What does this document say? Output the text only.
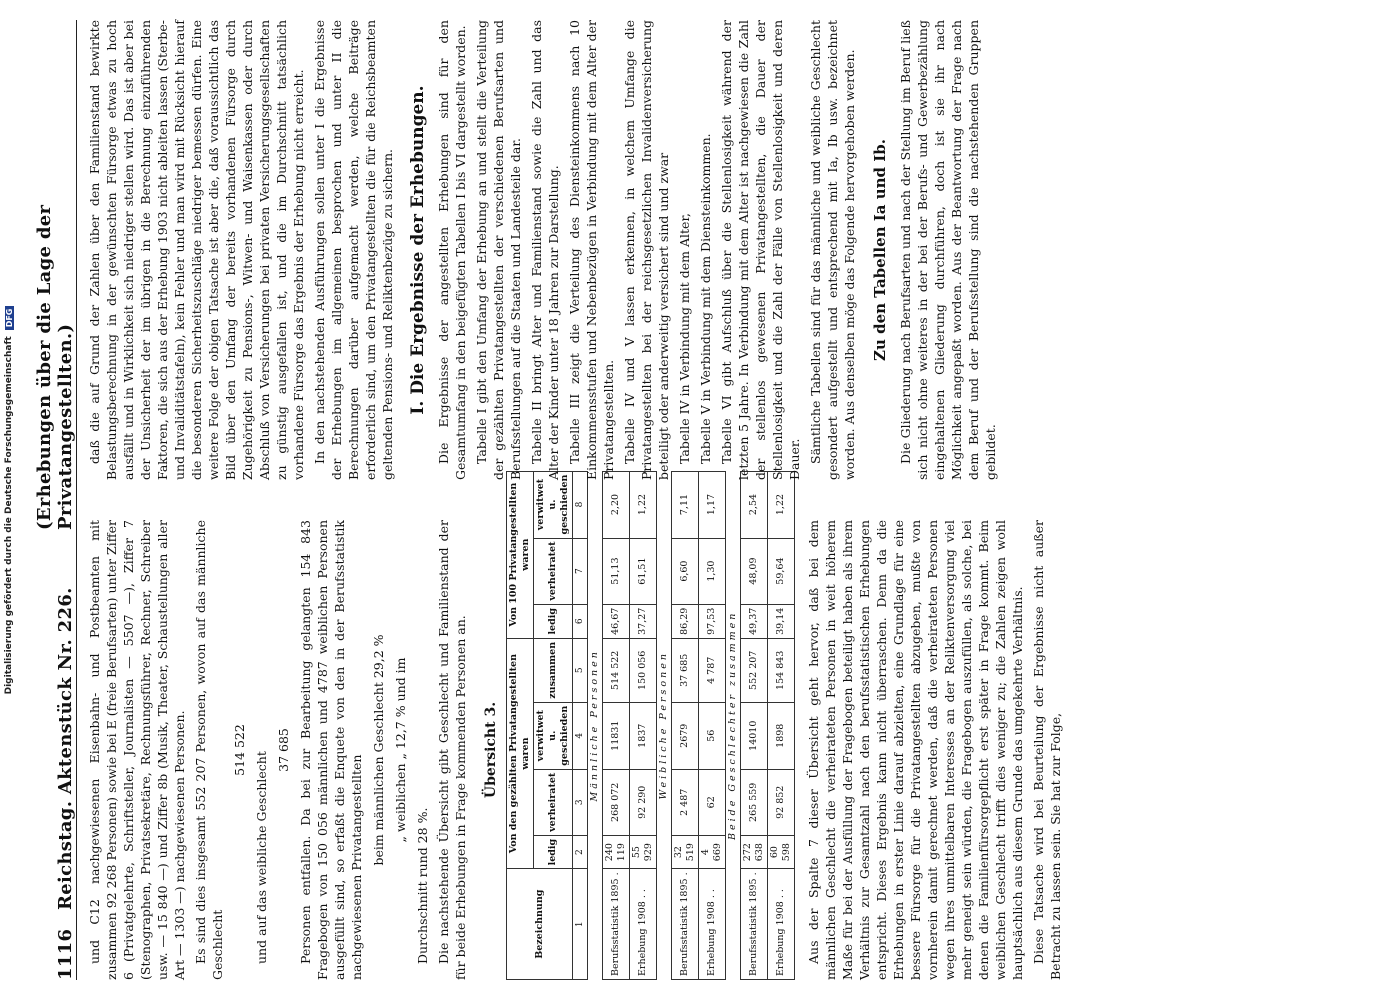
Digitalisierung gefördert durch die Deutsche Forschungsgemeinschaft
DFG
1116
Reichstag. Aktenstück Nr. 226.
(Erhebungen über die Lage der Privatangestellten.)

und C12 nachgewiesenen Eisenbahn- und Postbeamten mit zusammen 92 268 Personen) sowie bei E (freie Berufsarten) unter Ziffer 6 (Privatgelehrte, Schriftsteller, Journalisten — 5507 —), Ziffer 7 (Stenographen, Privatsekretäre, Rechnungsführer, Rechner, Schreiber usw. — 15 840 —) und Ziffer 8b (Musik, Theater, Schaustellungen aller Art — 1303 —) nachgewiesenen Personen. Es sind dies insgesamt 552 207 Personen, wovon auf das männliche Geschlecht

514 522

und auf das weibliche Geschlecht

37 685 Personen entfallen. Da bei zur Bearbeitung gelangten 154 843 Fragebogen von 150 056 männlichen und 4787 weiblichen Personen ausgefüllt sind, so erfaßt die Enquete von den in der Berufsstatistik nachgewiesenen Privatangestellten

beim männlichen Geschlecht 29,2 % „ weiblichen „ 12,7 % und im

Durchschnitt rund 28 %. Die nachstehende Übersicht gibt Geschlecht und Familienstand der für beide Erhebungen in Frage kommenden Personen an. Übersicht 3.
Bezeichnung	Von den gezählten Privatangestellten waren				Von 100 Privatangestellten waren		
	ledig	verheiratet	verwitwet u. geschieden	zusammen	ledig	verheiratet	verwitwet u. geschieden
1	2	3	4	5	6	7	8
Männliche Personen							
Berufsstatistik 1895 .	240 119	268 072	11831	514 522	46,67	51,13	2,20
Erhebung 1908 . .	55 929	92 290	1837	150 056	37,27	61,51	1,22
Weibliche Personen							
Berufsstatistik 1895 .	32 519	2 487	2679	37 685	86,29	6,60	7,11
Erhebung 1908 . .	4 669	62	56	4 787	97,53	1,30	1,17
Beide Geschlechter zusammen							
Berufsstatistik 1895 .	272 638	265 559	14010	552 207	49,37	48,09	2,54
Erhebung 1908 . .	60 598	92 852	1898	154 843	39,14	59,64	1,22

Aus der Spalte 7 dieser Übersicht geht hervor, daß bei dem männlichen Geschlecht die verheirateten Personen in weit höherem Maße für bei der Ausfüllung der Fragebogen beteiligt haben als ihrem Verhältnis zur Gesamtzahl nach den berufsstatistischen Erhebungen entspricht. Dieses Ergebnis kann nicht überraschen. Denn da die Erhebungen in erster Linie darauf abzielten, eine Grundlage für eine bessere Fürsorge für die Privatangestellten abzugeben, mußte von vornherein damit gerechnet werden, daß die verheirateten Personen wegen ihres unmittelbaren Interesses an der Reliktenversorgung viel mehr geneigt sein würden, die Fragebogen auszufüllen, als solche, bei denen die Familienfürsorgepflicht erst später in Frage kommt. Beim weiblichen Geschlecht trifft dies weniger zu; die Zahlen zeigen wohl hauptsächlich aus diesem Grunde das umgekehrte Verhältnis. Diese Tatsache wird bei Beurteilung der Ergebnisse nicht außer Betracht zu lassen sein. Sie hat zur Folge,

daß die auf Grund der Zahlen über den Familienstand bewirkte Belastungsberechnung in der gewünschten Fürsorge etwas zu hoch ausfällt und in Wirklichkeit sich niedriger stellen wird. Das ist aber bei der Unsicherheit der im übrigen in die Berechnung einzuführenden Faktoren, die sich aus der Erhebung 1903 nicht ableiten lassen (Sterbe- und Invaliditätstafeln), kein Fehler und man wird mit Rücksicht hierauf die besonderen Sicherheitszuschläge niedriger bemessen dürfen. Eine weitere Folge der obigen Tatsache ist aber die, daß voraussichtlich das Bild über den Umfang der bereits vorhandenen Fürsorge durch Zugehörigkeit zu Pensions-, Witwen- und Waisenkassen oder durch Abschluß von Versicherungen bei privaten Versicherungsgesellschaften zu günstig ausgefallen ist, und die im Durchschnitt tatsächlich vorhandene Fürsorge das Ergebnis der Erhebung nicht erreicht. In den nachstehenden Ausführungen sollen unter I die Ergebnisse der Erhebungen im allgemeinen besprochen und unter II die Berechnungen darüber aufgemacht werden, welche Beiträge erforderlich sind, um den Privatangestellten die für die Reichsbeamten geltenden Pensions- und Reliktenbezüge zu sichern. I. Die Ergebnisse der Erhebungen. Die Ergebnisse der angestellten Erhebungen sind für den Gesamtumfang in den beigefügten Tabellen I bis VI dargestellt worden. Tabelle I gibt den Umfang der Erhebung an und stellt die Verteilung der gezählten Privatangestellten der verschiedenen Berufsarten und Berufsstellungen auf die Staaten und Landesteile dar. Tabelle II bringt Alter und Familienstand sowie die Zahl und das Alter der Kinder unter 18 Jahren zur Darstellung. Tabelle III zeigt die Verteilung des Diensteinkommens nach 10 Einkommensstufen und Nebenbezügen in Verbindung mit dem Alter der Privatangestellten. Tabelle IV und V lassen erkennen, in welchem Umfange die Privatangestellten bei der reichsgesetzlichen Invalidenversicherung beteiligt oder anderweitig versichert sind und zwar Tabelle IV in Verbindung mit dem Alter, Tabelle V in Verbindung mit dem Diensteinkommen. Tabelle VI gibt Aufschluß über die Stellenlosigkeit während der letzten 5 Jahre. In Verbindung mit dem Alter ist nachgewiesen die Zahl der stellenlos gewesenen Privatangestellten, die Dauer der Stellenlosigkeit und die Zahl der Fälle von Stellenlosigkeit und deren Dauer. Sämtliche Tabellen sind für das männliche und weibliche Geschlecht gesondert aufgestellt und entsprechend mit Ia, Ib usw. bezeichnet worden. Aus denselben möge das Folgende hervorgehoben werden. Zu den Tabellen Ia und Ib. Die Gliederung nach Berufsarten und nach der Stellung im Beruf ließ sich nicht ohne weiteres in der bei der Berufs- und Gewerbezählung eingehaltenen Gliederung durchführen, doch ist sie ihr nach Möglichkeit angepaßt worden. Aus der Beantwortung der Frage nach dem Beruf und der Berufsstellung sind die nachstehenden Gruppen gebildet.
